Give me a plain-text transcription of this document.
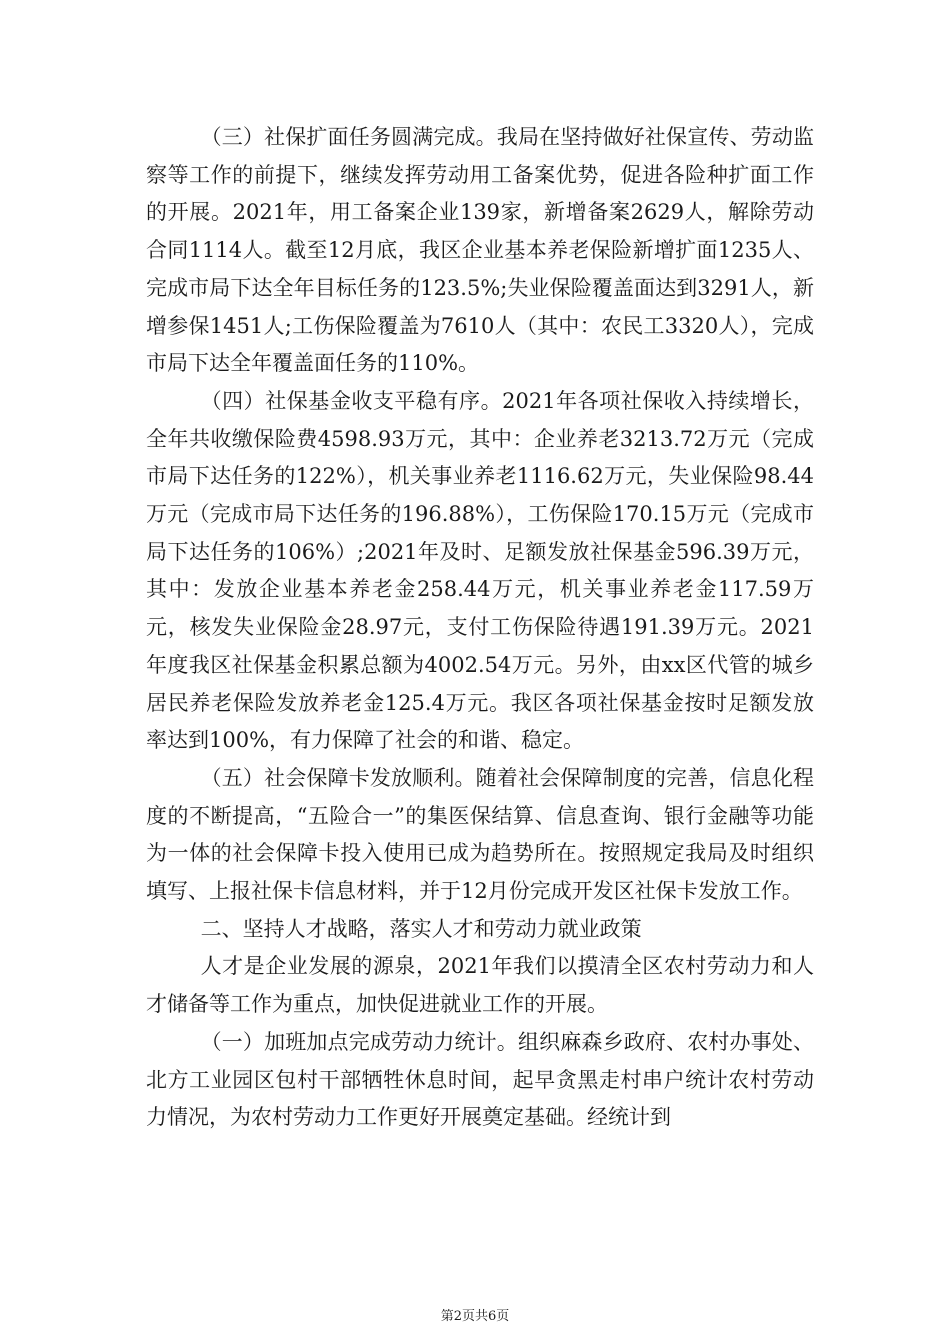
（三）社保扩面任务圆满完成。我局在坚持做好社保宣传、劳动监察等工作的前提下，继续发挥劳动用工备案优势，促进各险种扩面工作的开展。2021年，用工备案企业139家，新增备案2629人，解除劳动合同1114人。截至12月底，我区企业基本养老保险新增扩面1235人、完成市局下达全年目标任务的123.5%;失业保险覆盖面达到3291人，新增参保1451人;工伤保险覆盖为7610人（其中：农民工3320人），完成市局下达全年覆盖面任务的110%。

（四）社保基金收支平稳有序。2021年各项社保收入持续增长，全年共收缴保险费4598.93万元，其中：企业养老3213.72万元（完成市局下达任务的122%），机关事业养老1116.62万元，失业保险98.44万元（完成市局下达任务的196.88%），工伤保险170.15万元（完成市局下达任务的106%）;2021年及时、足额发放社保基金596.39万元，其中：发放企业基本养老金258.44万元，机关事业养老金117.59万元，核发失业保险金28.97元，支付工伤保险待遇191.39万元。2021年度我区社保基金积累总额为4002.54万元。另外，由xx区代管的城乡居民养老保险发放养老金125.4万元。我区各项社保基金按时足额发放率达到100%，有力保障了社会的和谐、稳定。

（五）社会保障卡发放顺利。随着社会保障制度的完善，信息化程度的不断提高，“五险合一”的集医保结算、信息查询、银行金融等功能为一体的社会保障卡投入使用已成为趋势所在。按照规定我局及时组织填写、上报社保卡信息材料，并于12月份完成开发区社保卡发放工作。

二、坚持人才战略，落实人才和劳动力就业政策

人才是企业发展的源泉，2021年我们以摸清全区农村劳动力和人才储备等工作为重点，加快促进就业工作的开展。

（一）加班加点完成劳动力统计。组织麻森乡政府、农村办事处、北方工业园区包村干部牺牲休息时间，起早贪黑走村串户统计农村劳动力情况，为农村劳动力工作更好开展奠定基础。经统计到

第2页共6页
